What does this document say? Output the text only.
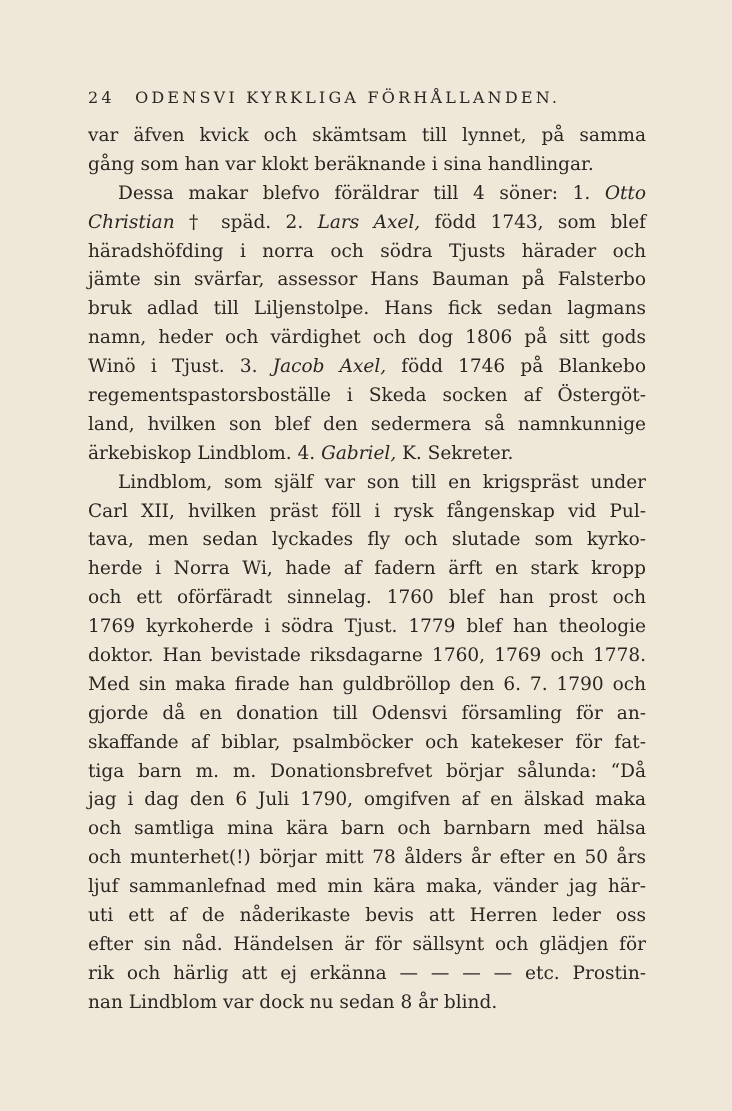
24 ODENSVI KYRKLIGA FÖRHÅLLANDEN.
var äfven kvick och skämtsam till lynnet, på samma
gång som han var klokt beräknande i sina handlingar.
Dessa makar blefvo föräldrar till 4 söner: 1. Otto
Christian † späd. 2. Lars Axel, född 1743, som blef
häradshöfding i norra och södra Tjusts härader och
jämte sin svärfar, assessor Hans Bauman på Falsterbo
bruk adlad till Liljenstolpe. Hans fick sedan lagmans
namn, heder och värdighet och dog 1806 på sitt gods
Winö i Tjust. 3. Jacob Axel, född 1746 på Blankebo
regementspastorsboställe i Skeda socken af Östergöt-
land, hvilken son blef den sedermera så namnkunnige
ärkebiskop Lindblom. 4. Gabriel, K. Sekreter.
Lindblom, som själf var son till en krigspräst under
Carl XII, hvilken präst föll i rysk fångenskap vid Pul-
tava, men sedan lyckades fly och slutade som kyrko-
herde i Norra Wi, hade af fadern ärft en stark kropp
och ett oförfäradt sinnelag. 1760 blef han prost och
1769 kyrkoherde i södra Tjust. 1779 blef han theologie
doktor. Han bevistade riksdagarne 1760, 1769 och 1778.
Med sin maka firade han guldbröllop den 6. 7. 1790 och
gjorde då en donation till Odensvi församling för an-
skaffande af biblar, psalmböcker och katekeser för fat-
tiga barn m. m. Donationsbrefvet börjar sålunda: “Då
jag i dag den 6 Juli 1790, omgifven af en älskad maka
och samtliga mina kära barn och barnbarn med hälsa
och munterhet(!) börjar mitt 78 ålders år efter en 50 års
ljuf sammanlefnad med min kära maka, vänder jag här-
uti ett af de nåderikaste bevis att Herren leder oss
efter sin nåd. Händelsen är för sällsynt och glädjen för
rik och härlig att ej erkänna — — — — etc. Prostin-
nan Lindblom var dock nu sedan 8 år blind.
